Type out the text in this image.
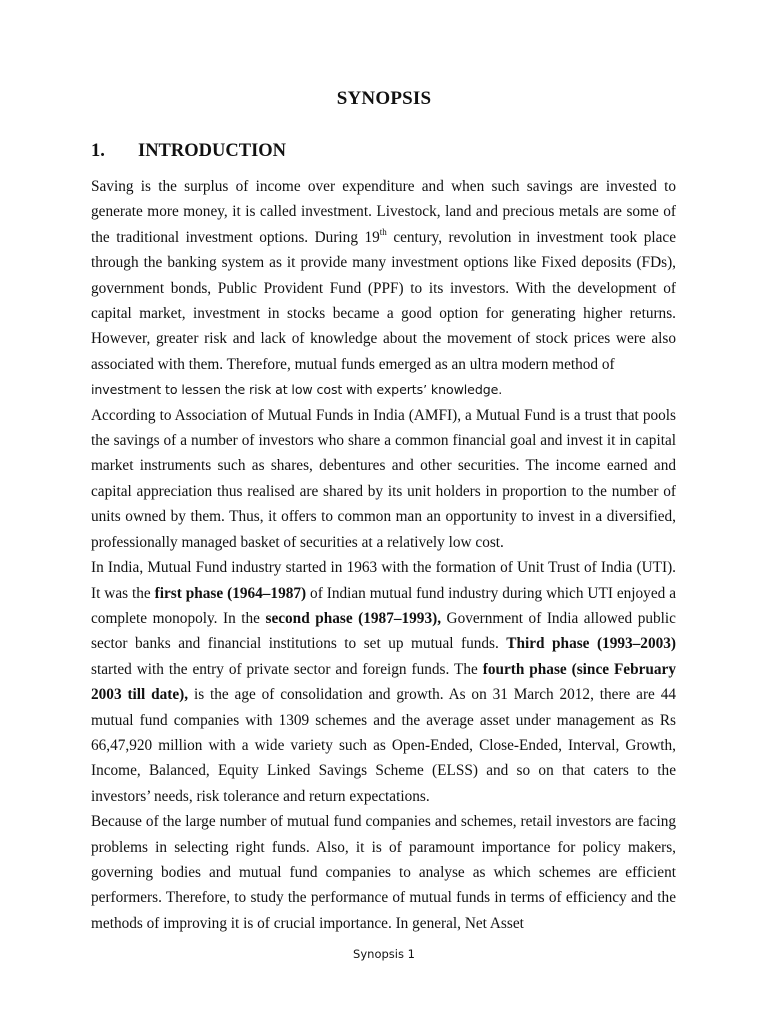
SYNOPSIS
1. INTRODUCTION

Saving is the surplus of income over expenditure and when such savings are invested to generate more money, it is called investment. Livestock, land and precious metals are some of the traditional investment options. During 19th century, revolution in investment took place through the banking system as it provide many investment options like Fixed deposits (FDs), government bonds, Public Provident Fund (PPF) to its investors. With the development of capital market, investment in stocks became a good option for generating higher returns. However, greater risk and lack of knowledge about the movement of stock prices were also associated with them. Therefore, mutual funds emerged as an ultra modern method of

investment to lessen the risk at low cost with experts’ knowledge.

According to Association of Mutual Funds in India (AMFI), a Mutual Fund is a trust that pools the savings of a number of investors who share a common financial goal and invest it in capital market instruments such as shares, debentures and other securities. The income earned and capital appreciation thus realised are shared by its unit holders in proportion to the number of units owned by them. Thus, it offers to common man an opportunity to invest in a diversified, professionally managed basket of securities at a relatively low cost.

In India, Mutual Fund industry started in 1963 with the formation of Unit Trust of India (UTI). It was the first phase (1964–1987) of Indian mutual fund industry during which UTI enjoyed a complete monopoly. In the second phase (1987–1993), Government of India allowed public sector banks and financial institutions to set up mutual funds. Third phase (1993–2003) started with the entry of private sector and foreign funds. The fourth phase (since February 2003 till date), is the age of consolidation and growth. As on 31 March 2012, there are 44 mutual fund companies with 1309 schemes and the average asset under management as Rs 66,47,920 million with a wide variety such as Open-Ended, Close-Ended, Interval, Growth, Income, Balanced, Equity Linked Savings Scheme (ELSS) and so on that caters to the investors’ needs, risk tolerance and return expectations.

Because of the large number of mutual fund companies and schemes, retail investors are facing problems in selecting right funds. Also, it is of paramount importance for policy makers, governing bodies and mutual fund companies to analyse as which schemes are efficient performers. Therefore, to study the performance of mutual funds in terms of efficiency and the methods of improving it is of crucial importance. In general, Net Asset

Synopsis 1
